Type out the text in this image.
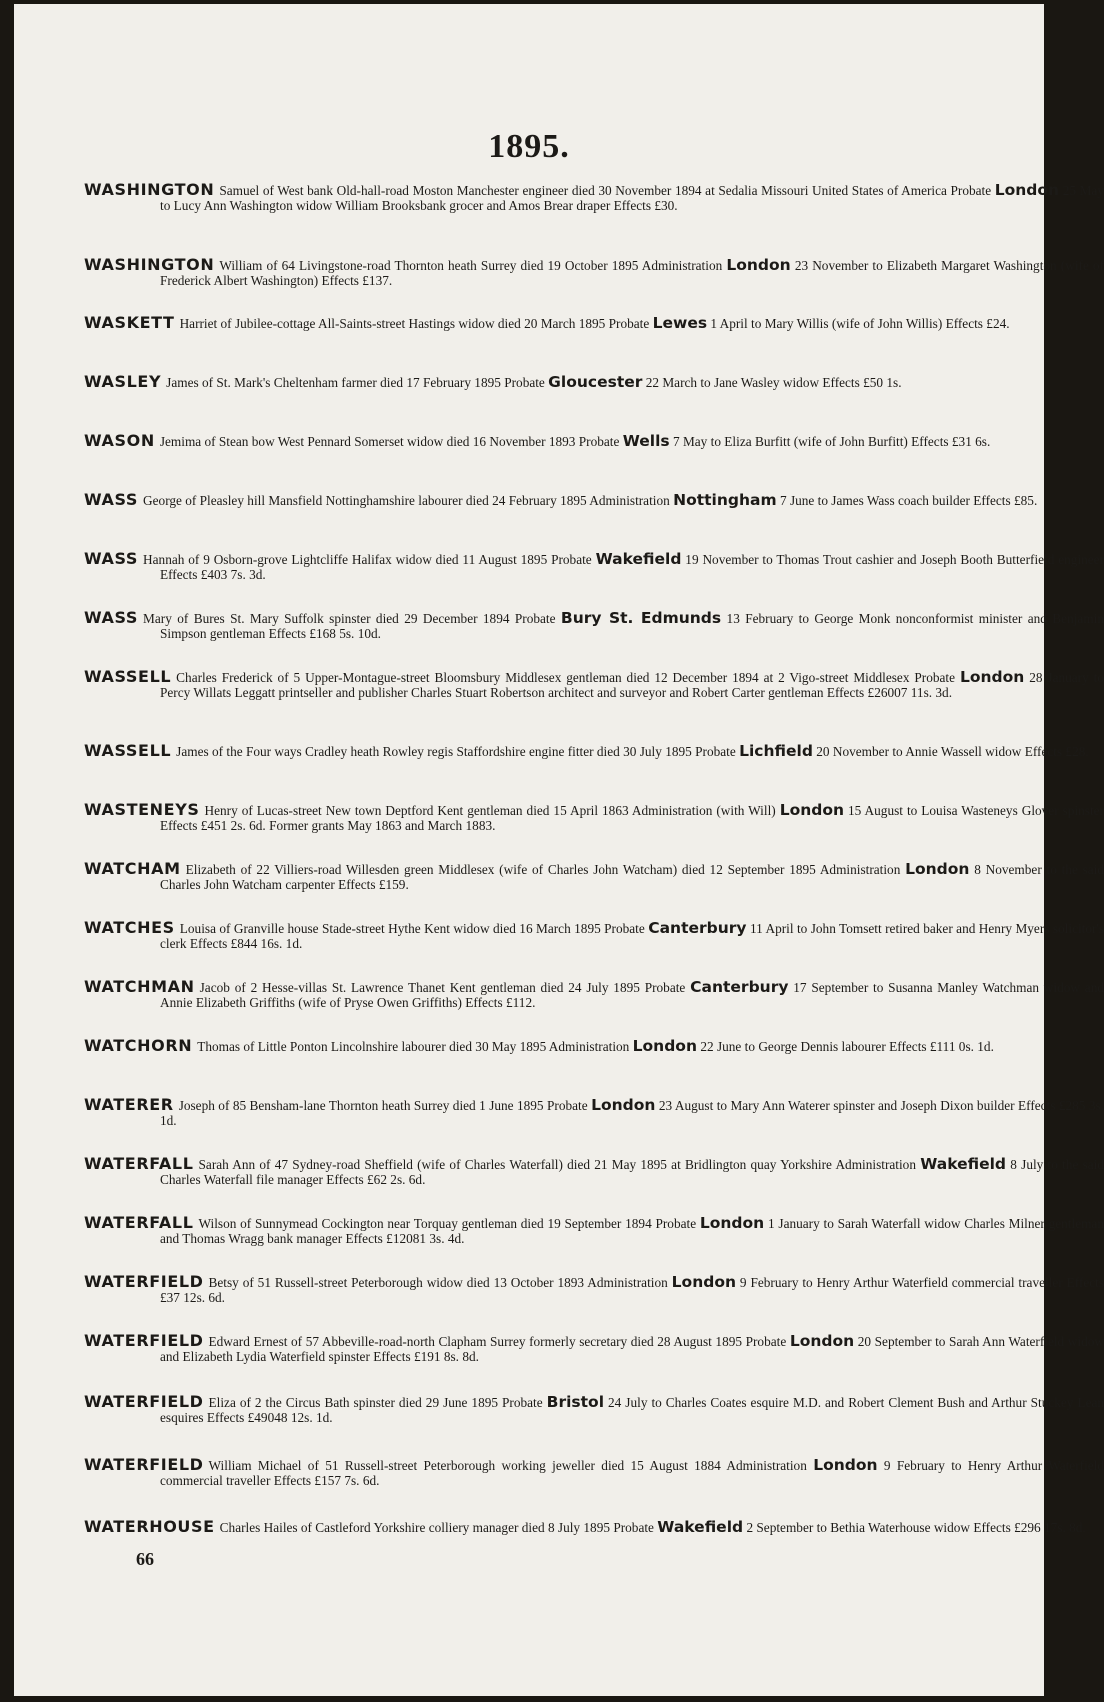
1895.
WASHINGTON Samuel of West bank Old-hall-road Moston Manchester engineer died 30 November 1894 at Sedalia Missouri United States of America Probate London 25 May to Lucy Ann Washington widow William Brooksbank grocer and Amos Brear draper Effects £30.
WASHINGTON William of 64 Livingstone-road Thornton heath Surrey died 19 October 1895 Administration London 23 November to Elizabeth Margaret Washington (wife of Frederick Albert Washington) Effects £137.
WASKETT Harriet of Jubilee-cottage All-Saints-street Hastings widow died 20 March 1895 Probate Lewes 1 April to Mary Willis (wife of John Willis) Effects £24.
WASLEY James of St. Mark's Cheltenham farmer died 17 February 1895 Probate Gloucester 22 March to Jane Wasley widow Effects £50 1s.
WASON Jemima of Stean bow West Pennard Somerset widow died 16 November 1893 Probate Wells 7 May to Eliza Burfitt (wife of John Burfitt) Effects £31 6s.
WASS George of Pleasley hill Mansfield Nottinghamshire labourer died 24 February 1895 Administration Nottingham 7 June to James Wass coach builder Effects £85.
WASS Hannah of 9 Osborn-grove Lightcliffe Halifax widow died 11 August 1895 Probate Wakefield 19 November to Thomas Trout cashier and Joseph Booth Butterfield engineer Effects £403 7s. 3d.
WASS Mary of Bures St. Mary Suffolk spinster died 29 December 1894 Probate Bury St. Edmunds 13 February to George Monk nonconformist minister and Benjamin Simpson gentleman Effects £168 5s. 10d.
WASSELL Charles Frederick of 5 Upper-Montague-street Bloomsbury Middlesex gentleman died 12 December 1894 at 2 Vigo-street Middlesex Probate London 28 January to Percy Willats Leggatt printseller and publisher Charles Stuart Robertson architect and surveyor and Robert Carter gentleman Effects £26007 11s. 3d.
WASSELL James of the Four ways Cradley heath Rowley regis Staffordshire engine fitter died 30 July 1895 Probate Lichfield 20 November to Annie Wassell widow Effects £28.
WASTENEYS Henry of Lucas-street New town Deptford Kent gentleman died 15 April 1863 Administration (with Will) London 15 August to Louisa Wasteneys Glover spinster Effects £451 2s. 6d. Former grants May 1863 and March 1883.
WATCHAM Elizabeth of 22 Villiers-road Willesden green Middlesex (wife of Charles John Watcham) died 12 September 1895 Administration London 8 November to the said Charles John Watcham carpenter Effects £159.
WATCHES Louisa of Granville house Stade-street Hythe Kent widow died 16 March 1895 Probate Canterbury 11 April to John Tomsett retired baker and Henry Myers solicitor's clerk Effects £844 16s. 1d.
WATCHMAN Jacob of 2 Hesse-villas St. Lawrence Thanet Kent gentleman died 24 July 1895 Probate Canterbury 17 September to Susanna Manley Watchman widow and Annie Elizabeth Griffiths (wife of Pryse Owen Griffiths) Effects £112.
WATCHORN Thomas of Little Ponton Lincolnshire labourer died 30 May 1895 Administration London 22 June to George Dennis labourer Effects £111 0s. 1d.
WATERER Joseph of 85 Bensham-lane Thornton heath Surrey died 1 June 1895 Probate London 23 August to Mary Ann Waterer spinster and Joseph Dixon builder Effects £285 3s. 1d.
WATERFALL Sarah Ann of 47 Sydney-road Sheffield (wife of Charles Waterfall) died 21 May 1895 at Bridlington quay Yorkshire Administration Wakefield 8 July to the said Charles Waterfall file manager Effects £62 2s. 6d.
WATERFALL Wilson of Sunnymead Cockington near Torquay gentleman died 19 September 1894 Probate London 1 January to Sarah Waterfall widow Charles Milner gentleman and Thomas Wragg bank manager Effects £12081 3s. 4d.
WATERFIELD Betsy of 51 Russell-street Peterborough widow died 13 October 1893 Administration London 9 February to Henry Arthur Waterfield commercial traveller Effects £37 12s. 6d.
WATERFIELD Edward Ernest of 57 Abbeville-road-north Clapham Surrey formerly secretary died 28 August 1895 Probate London 20 September to Sarah Ann Waterfield widow and Elizabeth Lydia Waterfield spinster Effects £191 8s. 8d.
WATERFIELD Eliza of 2 the Circus Bath spinster died 29 June 1895 Probate Bristol 24 July to Charles Coates esquire M.D. and Robert Clement Bush and Arthur Stuckey Lean esquires Effects £49048 12s. 1d.
WATERFIELD William Michael of 51 Russell-street Peterborough working jeweller died 15 August 1884 Administration London 9 February to Henry Arthur Waterfield commercial traveller Effects £157 7s. 6d.
WATERHOUSE Charles Hailes of Castleford Yorkshire colliery manager died 8 July 1895 Probate Wakefield 2 September to Bethia Waterhouse widow Effects £296 17s. 8d.
66
